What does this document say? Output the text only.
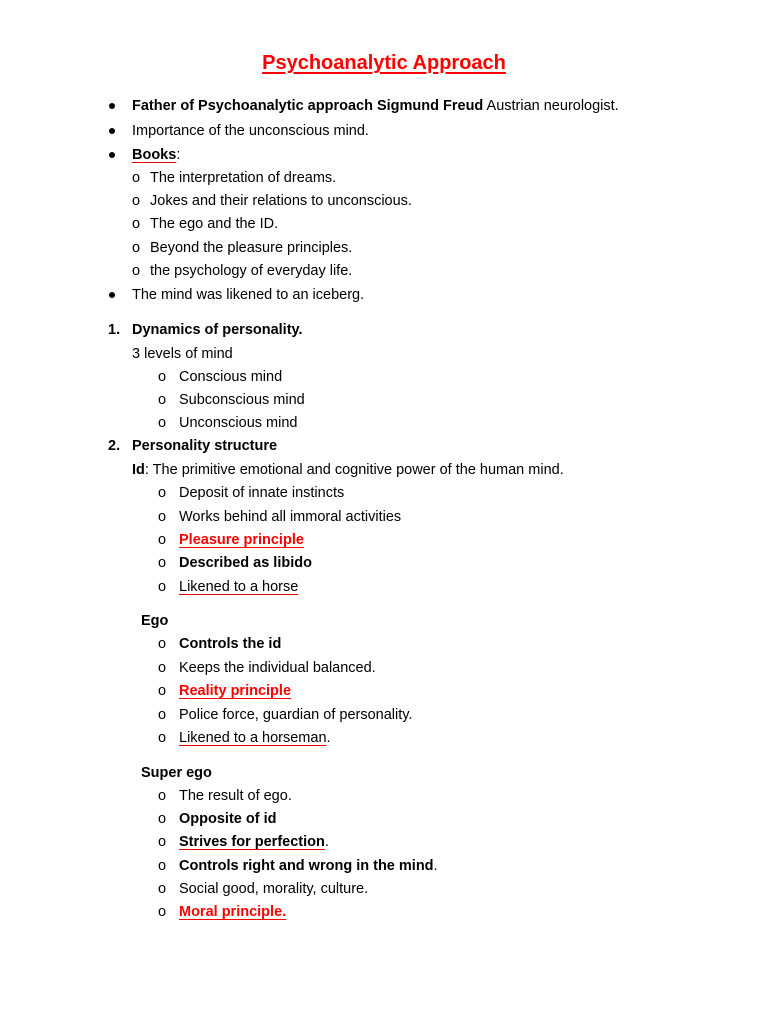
Psychoanalytic Approach
Father of Psychoanalytic approach Sigmund Freud Austrian neurologist.
Importance of the unconscious mind.
Books:
o The interpretation of dreams.
o Jokes and their relations to unconscious.
o The ego and the ID.
o Beyond the pleasure principles.
o the psychology of everyday life.
The mind was likened to an iceberg.
1. Dynamics of personality.
3 levels of mind
o Conscious mind
o Subconscious mind
o Unconscious mind
2. Personality structure
Id: The primitive emotional and cognitive power of the human mind.
o Deposit of innate instincts
o Works behind all immoral activities
o Pleasure principle
o Described as libido
o Likened to a horse
Ego
o Controls the id
o Keeps the individual balanced.
o Reality principle
o Police force, guardian of personality.
o Likened to a horseman.
Super ego
o The result of ego.
o Opposite of id
o Strives for perfection.
o Controls right and wrong in the mind.
o Social good, morality, culture.
o Moral principle.
